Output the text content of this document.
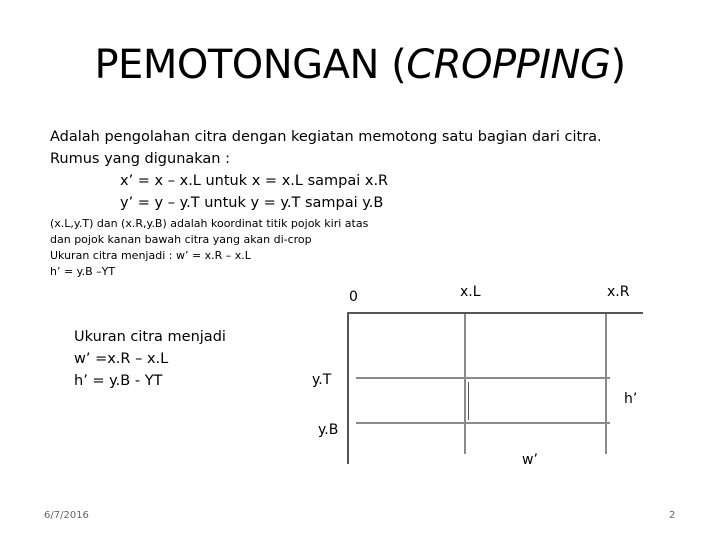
PEMOTONGAN (CROPPING)
Adalah pengolahan citra dengan kegiatan memotong satu bagian dari citra.
Rumus yang digunakan :
x’ = x – x.L untuk x = x.L sampai x.R
y’ = y – y.T untuk y = y.T sampai y.B
(x.L,y.T) dan (x.R,y.B) adalah koordinat titik pojok kiri atas
dan pojok kanan bawah citra yang akan di-crop
Ukuran citra menjadi : w’ = x.R – x.L
h’ = y.B –YT
Ukuran citra menjadi
w’ =x.R – x.L
h’ = y.B - YT
0	x.L	x.R
y.T
y.B
h’
w’
6/7/2016	2
